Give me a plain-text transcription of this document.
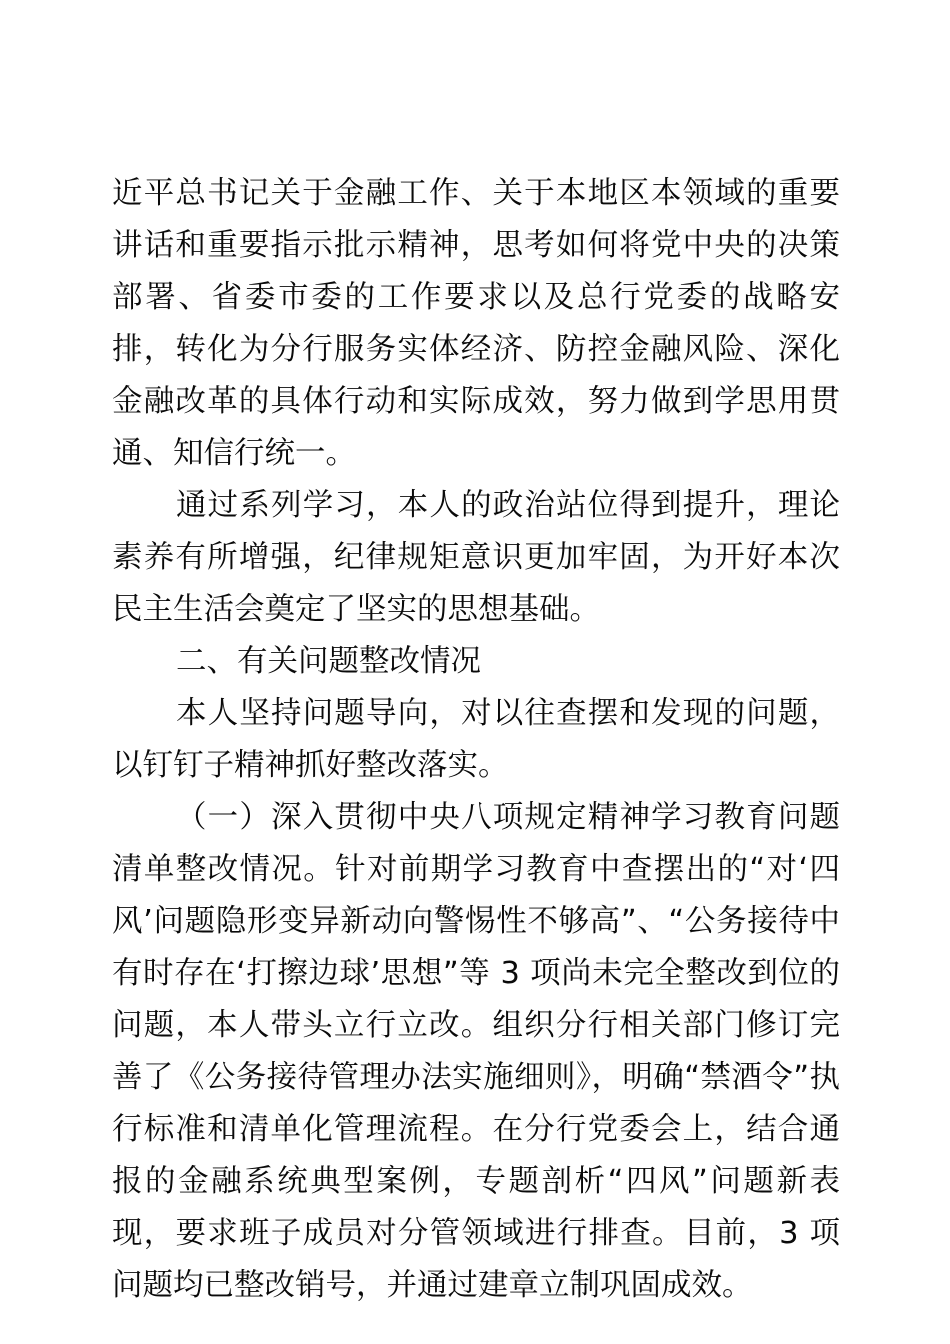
近平总书记关于金融工作、关于本地区本领域的重要讲话和重要指示批示精神，思考如何将党中央的决策部署、省委市委的工作要求以及总行党委的战略安排，转化为分行服务实体经济、防控金融风险、深化金融改革的具体行动和实际成效，努力做到学思用贯通、知信行统一。

通过系列学习，本人的政治站位得到提升，理论素养有所增强，纪律规矩意识更加牢固，为开好本次民主生活会奠定了坚实的思想基础。

二、有关问题整改情况

本人坚持问题导向，对以往查摆和发现的问题，以钉钉子精神抓好整改落实。

（一）深入贯彻中央八项规定精神学习教育问题清单整改情况。针对前期学习教育中查摆出的“对‘四风’问题隐形变异新动向警惕性不够高”、“公务接待中有时存在‘打擦边球’思想”等 3 项尚未完全整改到位的问题，本人带头立行立改。组织分行相关部门修订完善了《公务接待管理办法实施细则》，明确“禁酒令”执行标准和清单化管理流程。在分行党委会上，结合通报的金融系统典型案例，专题剖析“四风”问题新表现，要求班子成员对分管领域进行排查。目前，3 项问题均已整改销号，并通过建章立制巩固成效。
